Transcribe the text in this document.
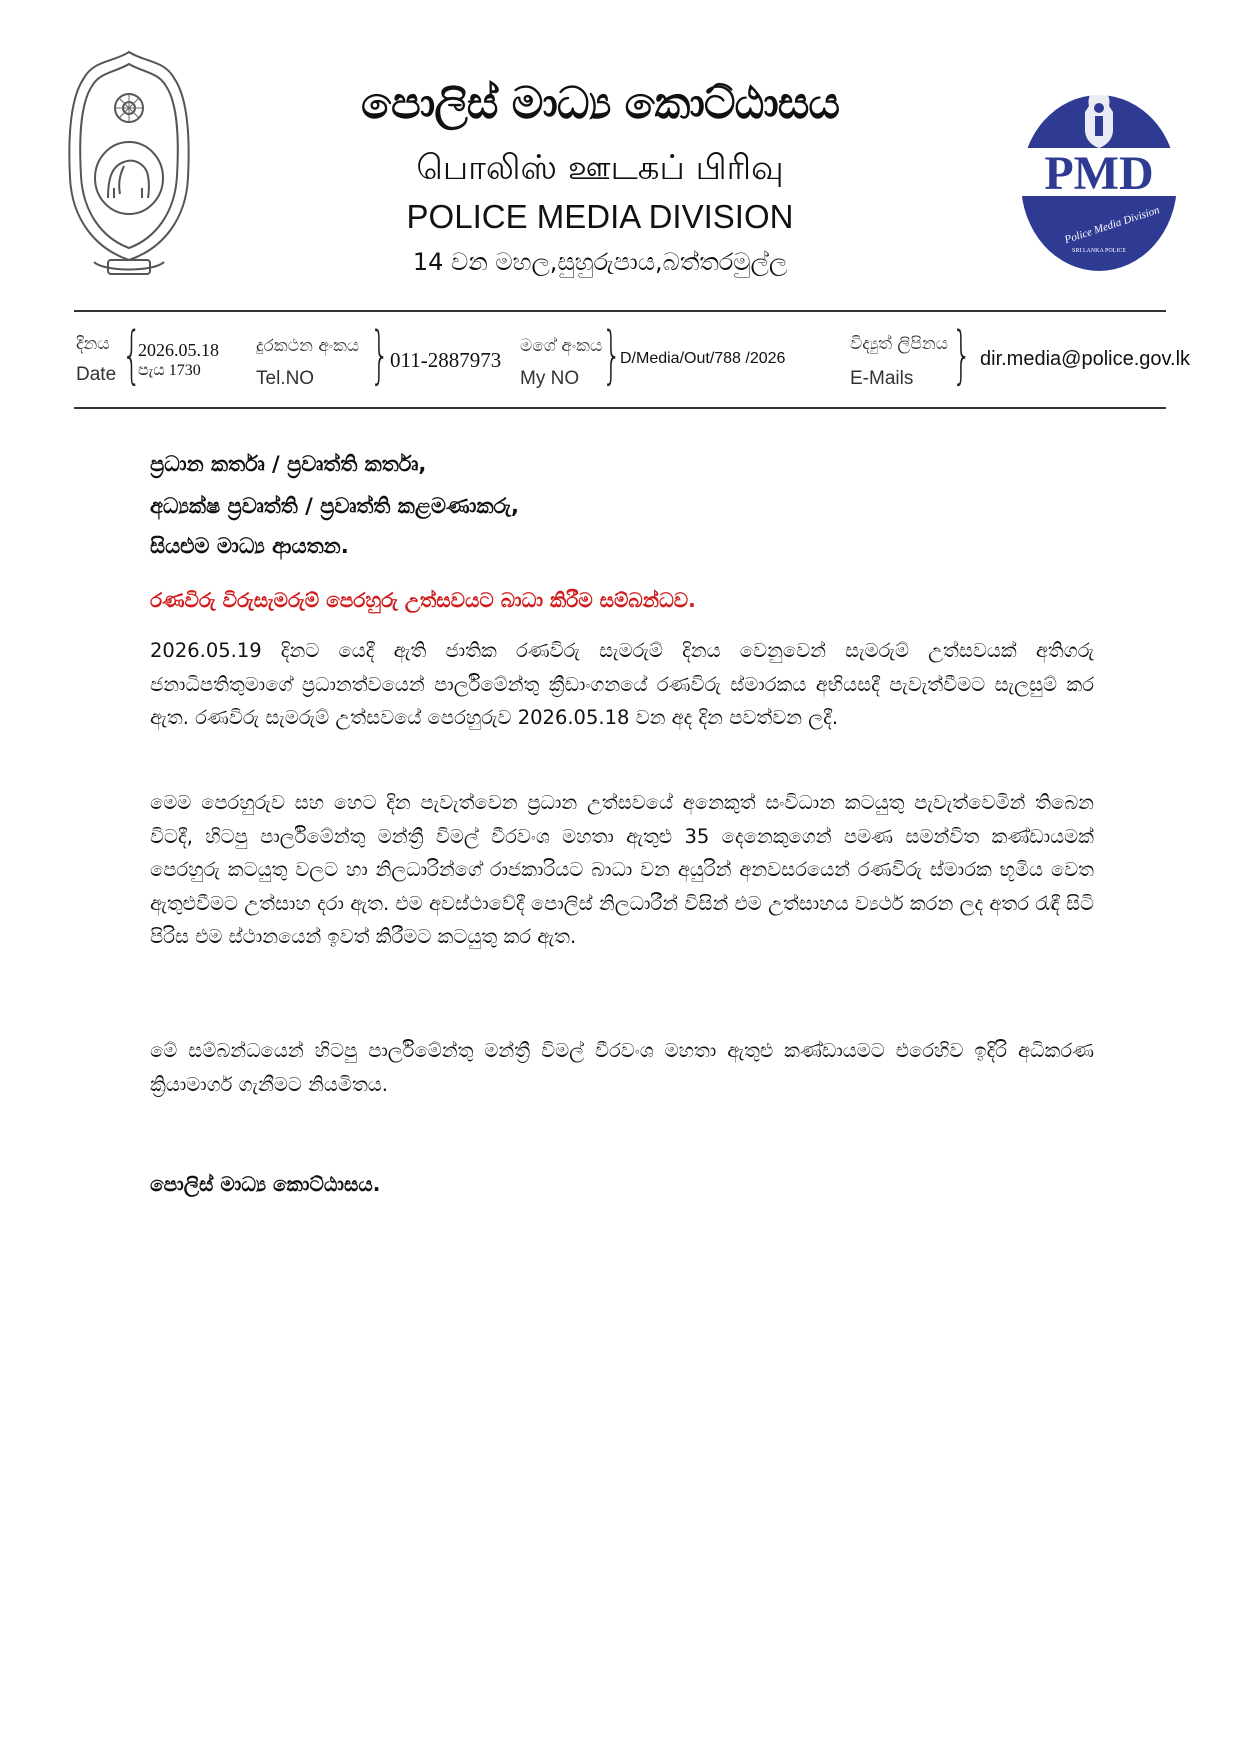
PMD
Police Media Division
SRI LANKA POLICE
පොලිස් මාධ්‍ය කොට්ඨාසය
பொலிஸ் ஊடகப் பிரிவு
POLICE MEDIA DIVISION
14 වන මහල,සුහුරුපාය,බත්තරමුල්ල
දිනය
Date {
2026.05.18
පැය 1730
දුරකථන අංකය
Tel.NO } 011-2887973
මගේ අංකය
My NO }
D/Media/Out/788 /2026
විද්‍යුත් ලිපිනය
E-Mails } dir.media@police.gov.lk
ප්‍රධාන කර්තෘ / ප්‍රවෘත්ති කර්තෘ,
අධ්‍යක්ෂ ප්‍රවෘත්ති / ප්‍රවෘත්ති කළමණාකරු,
සියළුම මාධ්‍ය ආයතන.
රණවිරු විරුසැමරුම් පෙරහුරු උත්සවයට බාධා කිරීම සම්බන්ධව.
2026.05.19 දිනට යෙදී ඇති ජාතික රණවිරු සැමරුම් දිනය වෙනුවෙන් සැමරුම් උත්සවයක් අතිගරු ජනාධිපතිතුමාගේ ප්‍රධානත්වයෙන් පාර්ලිමේන්තු ක්‍රීඩාංගනයේ රණවිරු ස්මාරකය අභියසදී පැවැත්වීමට සැලසුම් කර ඇත. රණවිරු සැමරුම් උත්සවයේ පෙරහුරුව 2026.05.18 වන අද දින පවත්වන ලදී.
මෙම පෙරහුරුව සහ හෙට දින පැවැත්වෙන ප්‍රධාන උත්සවයේ අනෙකුත් සංවිධාන කටයුතු පැවැත්වෙමින් තිබෙන විටදී, හිටපු පාර්ලිමේන්තු මන්ත්‍රී විමල් වීරවංශ මහතා ඇතුළු 35 දෙනෙකුගෙන් පමණ සමන්විත කණ්ඩායමක් පෙරහුරු කටයුතු වලට හා නිලධාරින්ගේ රාජකාරියට බාධා වන අයුරින් අනවසරයෙන් රණවිරු ස්මාරක භූමිය වෙත ඇතුළුවීමට උත්සාහ දරා ඇත. එම අවස්ථාවේදී පොලිස් නිලධාරීන් විසින් එම උත්සාහය ව්‍යර්ථ කරන ලද අතර රැඳී සිටි පිරිස එම ස්ථානයෙන් ඉවත් කිරීමට කටයුතු කර ඇත.
මේ සම්බන්ධයෙන් හිටපු පාර්ලිමේන්තු මන්ත්‍රී විමල් වීරවංශ මහතා ඇතුළු කණ්ඩායමට එරෙහිව ඉදිරි අධිකරණ ක්‍රියාමාර්ග ගැනීමට නියමිතය.
පොලිස් මාධ්‍ය කොට්ඨාසය.
